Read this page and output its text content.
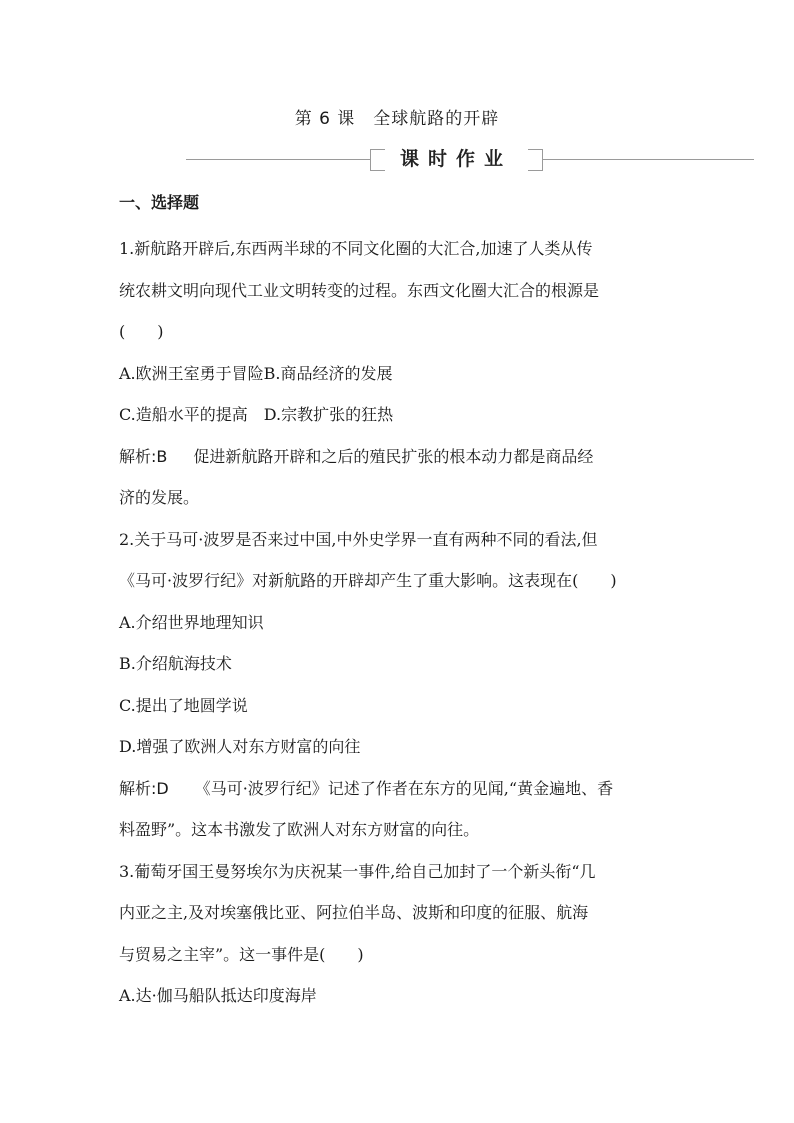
第 6 课　全球航路的开辟
课时作业
一、选择题

1.新航路开辟后,东西两半球的不同文化圈的大汇合,加速了人类从传

统农耕文明向现代工业文明转变的过程。东西文化圈大汇合的根源是

(　　)

A.欧洲王室勇于冒险B.商品经济的发展

C.造船水平的提高　D.宗教扩张的狂热

解析:B 促进新航路开辟和之后的殖民扩张的根本动力都是商品经

济的发展。

2.关于马可·波罗是否来过中国,中外史学界一直有两种不同的看法,但

《马可·波罗行纪》对新航路的开辟却产生了重大影响。这表现在(　　)

A.介绍世界地理知识

B.介绍航海技术

C.提出了地圆学说

D.增强了欧洲人对东方财富的向往

解析:D 《马可·波罗行纪》记述了作者在东方的见闻,“黄金遍地、香

料盈野”。这本书激发了欧洲人对东方财富的向往。

3.葡萄牙国王曼努埃尔为庆祝某一事件,给自己加封了一个新头衔“几

内亚之主,及对埃塞俄比亚、阿拉伯半岛、波斯和印度的征服、航海

与贸易之主宰”。这一事件是(　　)

A.达·伽马船队抵达印度海岸
